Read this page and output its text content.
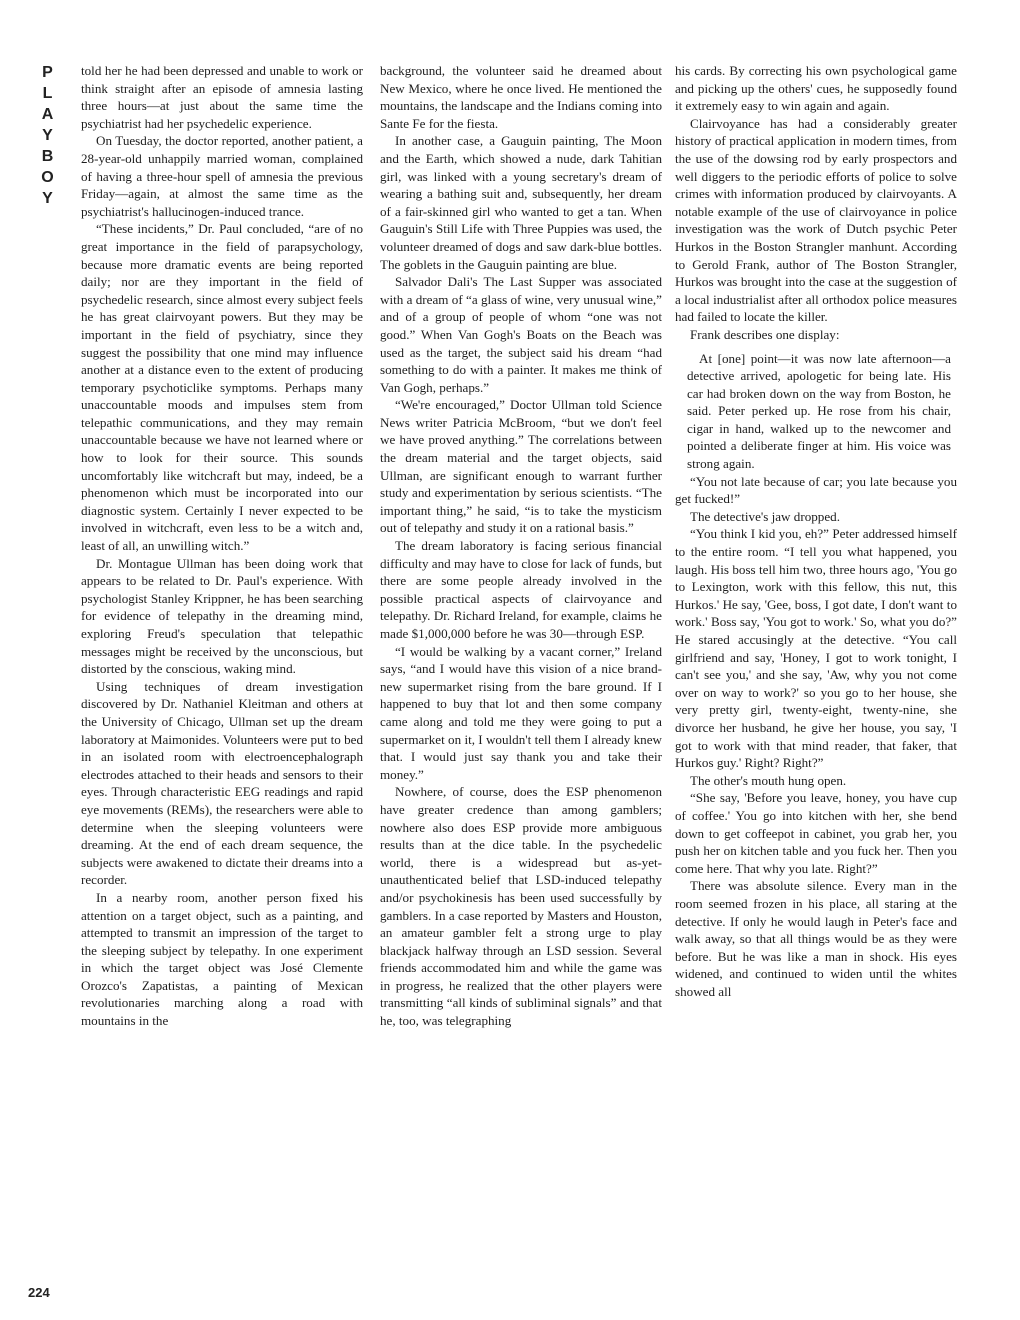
P
L
A
Y
B
O
Y

told her he had been depressed and unable to work or think straight after an episode of amnesia lasting three hours—at just about the same time the psychiatrist had her psychedelic experience.

On Tuesday, the doctor reported, another patient, a 28-year-old unhappily married woman, complained of having a three-hour spell of amnesia the previous Friday—again, at almost the same time as the psychiatrist's hallucinogen-induced trance.

“These incidents,” Dr. Paul concluded, “are of no great importance in the field of parapsychology, because more dramatic events are being reported daily; nor are they important in the field of psychedelic research, since almost every subject feels he has great clairvoyant powers. But they may be important in the field of psychiatry, since they suggest the possibility that one mind may influence another at a distance even to the extent of producing temporary psychoticlike symptoms. Perhaps many unaccountable moods and impulses stem from telepathic communications, and they may remain unaccountable because we have not learned where or how to look for their source. This sounds uncomfortably like witchcraft but may, indeed, be a phenomenon which must be incorporated into our diagnostic system. Certainly I never expected to be involved in witchcraft, even less to be a witch and, least of all, an unwilling witch.”

Dr. Montague Ullman has been doing work that appears to be related to Dr. Paul's experience. With psychologist Stanley Krippner, he has been searching for evidence of telepathy in the dreaming mind, exploring Freud's speculation that telepathic messages might be received by the unconscious, but distorted by the conscious, waking mind.

Using techniques of dream investigation discovered by Dr. Nathaniel Kleitman and others at the University of Chicago, Ullman set up the dream laboratory at Maimonides. Volunteers were put to bed in an isolated room with electroencephalograph electrodes attached to their heads and sensors to their eyes. Through characteristic EEG readings and rapid eye movements (REMs), the researchers were able to determine when the sleeping volunteers were dreaming. At the end of each dream sequence, the subjects were awakened to dictate their dreams into a recorder.

In a nearby room, another person fixed his attention on a target object, such as a painting, and attempted to transmit an impression of the target to the sleeping subject by telepathy. In one experiment in which the target object was José Clemente Orozco's Zapatistas, a painting of Mexican revolutionaries marching along a road with mountains in the

background, the volunteer said he dreamed about New Mexico, where he once lived. He mentioned the mountains, the landscape and the Indians coming into Sante Fe for the fiesta.

In another case, a Gauguin painting, The Moon and the Earth, which showed a nude, dark Tahitian girl, was linked with a young secretary's dream of wearing a bathing suit and, subsequently, her dream of a fair-skinned girl who wanted to get a tan. When Gauguin's Still Life with Three Puppies was used, the volunteer dreamed of dogs and saw dark-blue bottles. The goblets in the Gauguin painting are blue.

Salvador Dali's The Last Supper was associated with a dream of “a glass of wine, very unusual wine,” and of a group of people of whom “one was not good.” When Van Gogh's Boats on the Beach was used as the target, the subject said his dream “had something to do with a painter. It makes me think of Van Gogh, perhaps.”

“We're encouraged,” Doctor Ullman told Science News writer Patricia McBroom, “but we don't feel we have proved anything.” The correlations between the dream material and the target objects, said Ullman, are significant enough to warrant further study and experimentation by serious scientists. “The important thing,” he said, “is to take the mysticism out of telepathy and study it on a rational basis.”

The dream laboratory is facing serious financial difficulty and may have to close for lack of funds, but there are some people already involved in the possible practical aspects of clairvoyance and telepathy. Dr. Richard Ireland, for example, claims he made $1,000,000 before he was 30—through ESP.

“I would be walking by a vacant corner,” Ireland says, “and I would have this vision of a nice brand-new supermarket rising from the bare ground. If I happened to buy that lot and then some company came along and told me they were going to put a supermarket on it, I wouldn't tell them I already knew that. I would just say thank you and take their money.”

Nowhere, of course, does the ESP phenomenon have greater credence than among gamblers; nowhere also does ESP provide more ambiguous results than at the dice table. In the psychedelic world, there is a widespread but as-yet-unauthenticated belief that LSD-induced telepathy and/or psychokinesis has been used successfully by gamblers. In a case reported by Masters and Houston, an amateur gambler felt a strong urge to play blackjack halfway through an LSD session. Several friends accommodated him and while the game was in progress, he realized that the other players were transmitting “all kinds of subliminal signals” and that he, too, was telegraphing

his cards. By correcting his own psychological game and picking up the others' cues, he supposedly found it extremely easy to win again and again.

Clairvoyance has had a considerably greater history of practical application in modern times, from the use of the dowsing rod by early prospectors and well diggers to the periodic efforts of police to solve crimes with information produced by clairvoyants. A notable example of the use of clairvoyance in police investigation was the work of Dutch psychic Peter Hurkos in the Boston Strangler manhunt. According to Gerold Frank, author of The Boston Strangler, Hurkos was brought into the case at the suggestion of a local industrialist after all orthodox police measures had failed to locate the killer.

Frank describes one display:

At [one] point—it was now late afternoon—a detective arrived, apologetic for being late. His car had broken down on the way from Boston, he said. Peter perked up. He rose from his chair, cigar in hand, walked up to the newcomer and pointed a deliberate finger at him. His voice was strong again.

“You not late because of car; you late because you get fucked!”

The detective's jaw dropped.

“You think I kid you, eh?” Peter addressed himself to the entire room. “I tell you what happened, you laugh. His boss tell him two, three hours ago, 'You go to Lexington, work with this fellow, this nut, this Hurkos.' He say, 'Gee, boss, I got date, I don't want to work.' Boss say, 'You got to work.' So, what you do?” He stared accusingly at the detective. “You call girlfriend and say, 'Honey, I got to work tonight, I can't see you,' and she say, 'Aw, why you not come over on way to work?' so you go to her house, she very pretty girl, twenty-eight, twenty-nine, she divorce her husband, he give her house, you say, 'I got to work with that mind reader, that faker, that Hurkos guy.' Right? Right?”

The other's mouth hung open.

“She say, 'Before you leave, honey, you have cup of coffee.' You go into kitchen with her, she bend down to get coffeepot in cabinet, you grab her, you push her on kitchen table and you fuck her. Then you come here. That why you late. Right?”

There was absolute silence. Every man in the room seemed frozen in his place, all staring at the detective. If only he would laugh in Peter's face and walk away, so that all things would be as they were before. But he was like a man in shock. His eyes widened, and continued to widen until the whites showed all

224
